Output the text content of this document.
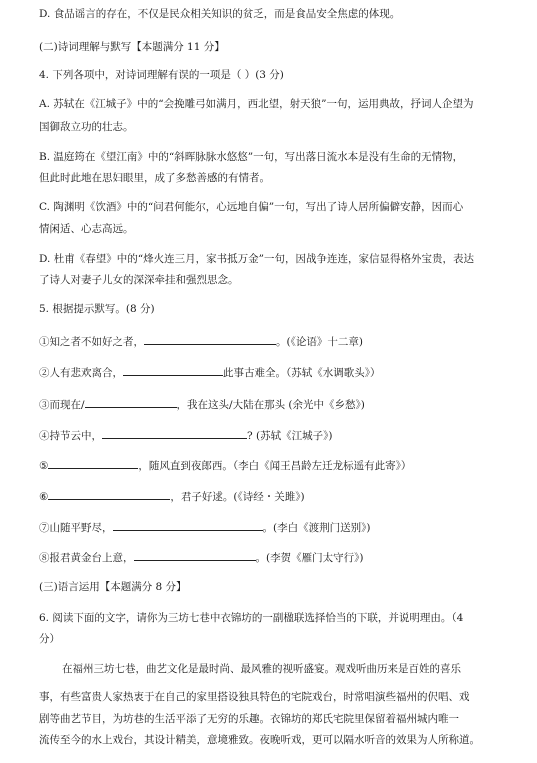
D. 食品谣言的存在，不仅是民众相关知识的贫乏，而是食品安全焦虑的体现。
(二)诗词理解与默写【本题满分 11 分】
4. 下列各项中，对诗词理解有误的一项是（ ）(3 分)
A. 苏轼在《江城子》中的“会挽雕弓如满月，西北望，射天狼”一句，运用典故，抒词人企望为
国御敌立功的壮志。
B. 温庭筠在《望江南》中的“斜晖脉脉水悠悠”一句，写出落日流水本是没有生命的无情物，
但此时此地在思妇眼里，成了多愁善感的有情者。
C. 陶渊明《饮酒》中的“问君何能尔，心远地自偏”一句，写出了诗人居所偏僻安静，因而心
情闲适、心志高远。
D. 杜甫《春望》中的“烽火连三月，家书抵万金”一句，因战争连连，家信显得格外宝贵，表达
了诗人对妻子儿女的深深牵挂和强烈思念。
5. 根据提示默写。(8 分)
①知之者不如好之者，	。(《论语》十二章)
②人有悲欢离合，	此事古难全。（苏轼《水调歌头》）
③而现在/	，我在这头/大陆在那头 (余光中《乡愁》)
④持节云中，	? (苏轼《江城子》)
⑤	，随风直到夜郎西。（李白《闻王昌龄左迁龙标遥有此寄》）
⑥	，君子好逑。(《诗经・关雎》)
⑦山随平野尽，	。(李白《渡荆门送别》)
⑧报君黄金台上意，	。(李贺《雁门太守行》)
(三)语言运用【本题满分 8 分】
6. 阅读下面的文字，请你为三坊七巷中衣锦坊的一副楹联选择恰当的下联，并说明理由。（4
分）
在福州三坊七巷，曲艺文化是最时尚、最风雅的视听盛宴。观戏听曲历来是百姓的喜乐
事，有些富贵人家热衷于在自己的家里搭设独具特色的宅院戏台，时常唱演些福州的伬唱、戏
剧等曲艺节目，为坊巷的生活平添了无穷的乐趣。衣锦坊的郑氏宅院里保留着福州城内唯一
流传至今的水上戏台，其设计精美，意境雅致。夜晚听戏，更可以隔水听音的效果为人所称道。
